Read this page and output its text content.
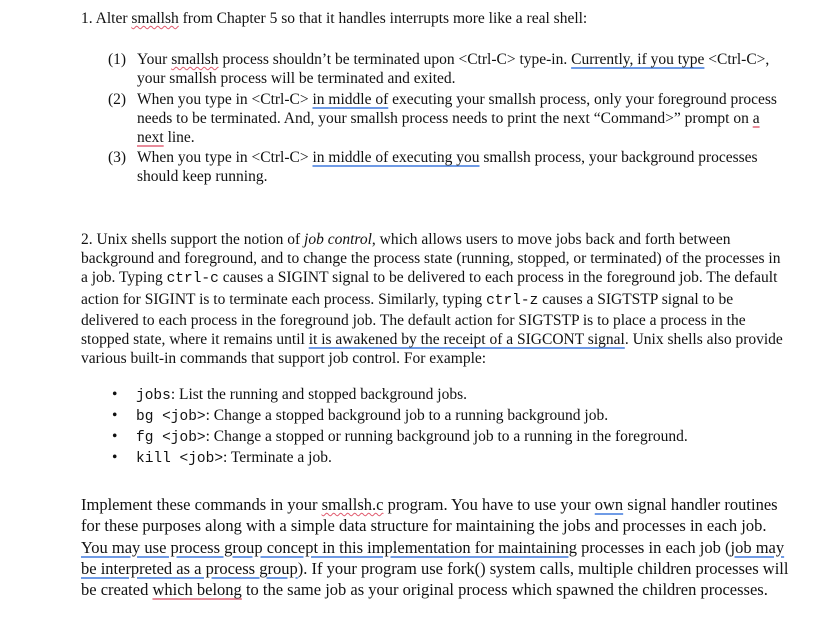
1. Alter smallsh from Chapter 5 so that it handles interrupts more like a real shell:
(1) Your smallsh process shouldn’t be terminated upon <Ctrl-C> type-in. Currently, if you type <Ctrl-C>, your smallsh process will be terminated and exited.
(2) When you type in <Ctrl-C> in middle of executing your smallsh process, only your foreground process needs to be terminated. And, your smallsh process needs to print the next “Command>” prompt on a next line.
(3) When you type in <Ctrl-C> in middle of executing you smallsh process, your background processes should keep running.
2. Unix shells support the notion of job control, which allows users to move jobs back and forth between background and foreground, and to change the process state (running, stopped, or terminated) of the processes in a job. Typing ctrl-c causes a SIGINT signal to be delivered to each process in the foreground job. The default action for SIGINT is to terminate each process. Similarly, typing ctrl-z causes a SIGTSTP signal to be delivered to each process in the foreground job. The default action for SIGTSTP is to place a process in the stopped state, where it remains until it is awakened by the receipt of a SIGCONT signal. Unix shells also provide various built-in commands that support job control. For example:
• jobs: List the running and stopped background jobs.
• bg <job>: Change a stopped background job to a running background job.
• fg <job>: Change a stopped or running background job to a running in the foreground.
• kill <job>: Terminate a job.
Implement these commands in your smallsh.c program. You have to use your own signal handler routines for these purposes along with a simple data structure for maintaining the jobs and processes in each job. You may use process group concept in this implementation for maintaining processes in each job (job may be interpreted as a process group). If your program use fork() system calls, multiple children processes will be created which belong to the same job as your original process which spawned the children processes.
